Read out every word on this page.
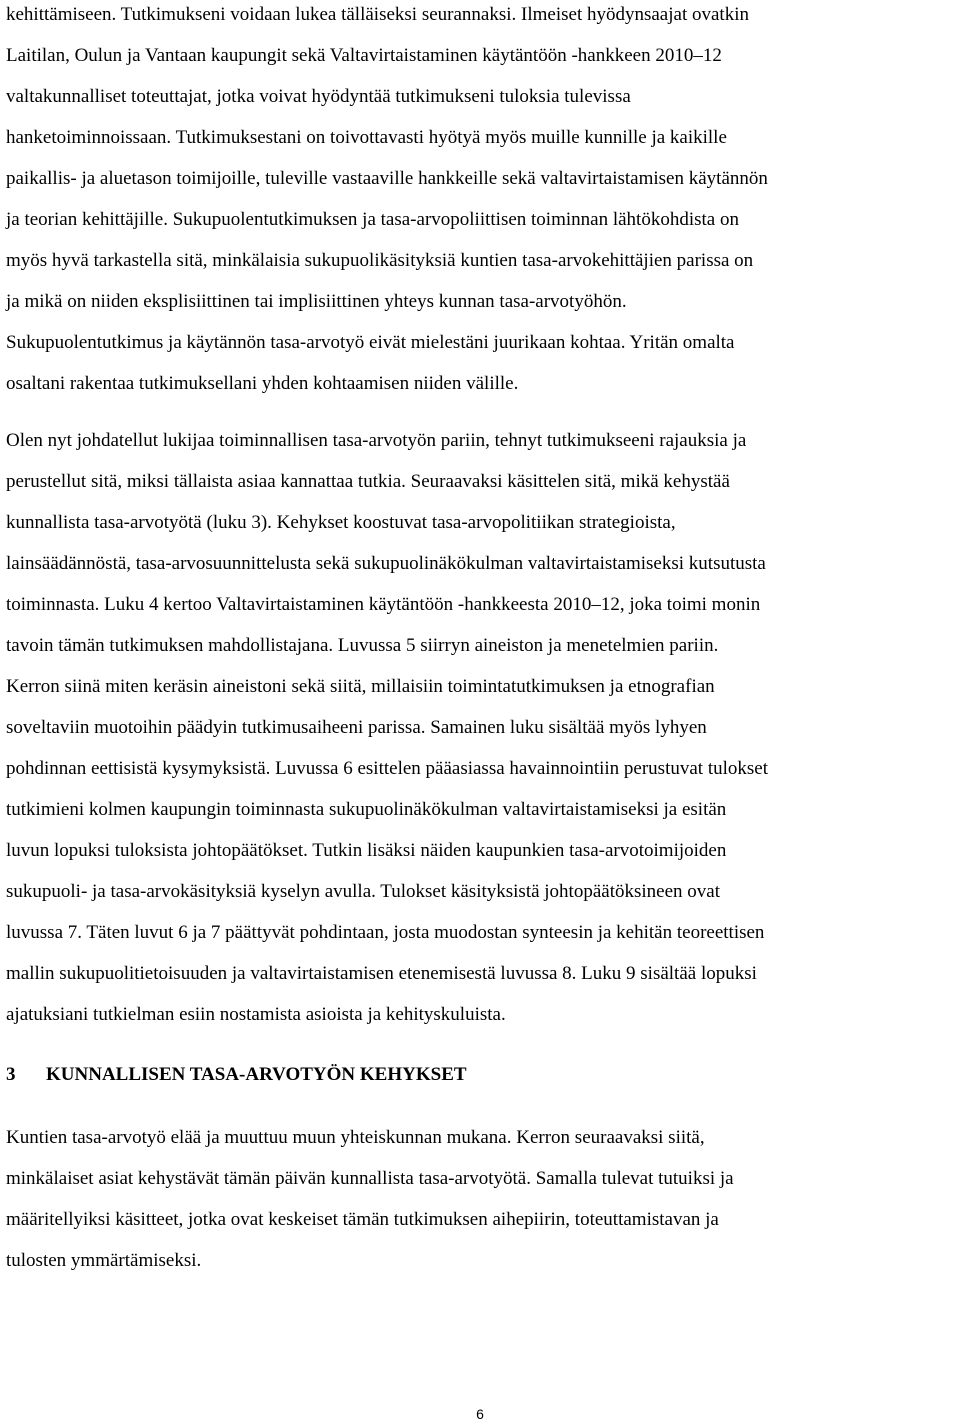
kehittämiseen. Tutkimukseni voidaan lukea tälläiseksi seurannaksi. Ilmeiset hyödynsaajat ovatkin
Laitilan, Oulun ja Vantaan kaupungit sekä Valtavirtaistaminen käytäntöön -hankkeen 2010–12
valtakunnalliset toteuttajat, jotka voivat hyödyntää tutkimukseni tuloksia tulevissa
hanketoiminnoissaan. Tutkimuksestani on toivottavasti hyötyä myös muille kunnille ja kaikille
paikallis- ja aluetason toimijoille, tuleville vastaaville hankkeille sekä valtavirtaistamisen käytännön
ja teorian kehittäjille. Sukupuolentutkimuksen ja tasa-arvopoliittisen toiminnan lähtökohdista on
myös hyvä tarkastella sitä, minkälaisia sukupuolikäsityksiä kuntien tasa-arvokehittäjien parissa on
ja mikä on niiden eksplisiittinen tai implisiittinen yhteys kunnan tasa-arvotyöhön.
Sukupuolentutkimus ja käytännön tasa-arvotyö eivät mielestäni juurikaan kohtaa. Yritän omalta
osaltani rakentaa tutkimuksellani yhden kohtaamisen niiden välille.

Olen nyt johdatellut lukijaa toiminnallisen tasa-arvotyön pariin, tehnyt tutkimukseeni rajauksia ja
perustellut sitä, miksi tällaista asiaa kannattaa tutkia. Seuraavaksi käsittelen sitä, mikä kehystää
kunnallista tasa-arvotyötä (luku 3). Kehykset koostuvat tasa-arvopolitiikan strategioista,
lainsäädännöstä, tasa-arvosuunnittelusta sekä sukupuolinäkökulman valtavirtaistamiseksi kutsutusta
toiminnasta. Luku 4 kertoo Valtavirtaistaminen käytäntöön -hankkeesta 2010–12, joka toimi monin
tavoin tämän tutkimuksen mahdollistajana. Luvussa 5 siirryn aineiston ja menetelmien pariin.
Kerron siinä miten keräsin aineistoni sekä siitä, millaisiin toimintatutkimuksen ja etnografian
soveltaviin muotoihin päädyin tutkimusaiheeni parissa. Samainen luku sisältää myös lyhyen
pohdinnan eettisistä kysymyksistä. Luvussa 6 esittelen pääasiassa havainnointiin perustuvat tulokset
tutkimieni kolmen kaupungin toiminnasta sukupuolinäkökulman valtavirtaistamiseksi ja esitän
luvun lopuksi tuloksista johtopäätökset. Tutkin lisäksi näiden kaupunkien tasa-arvotoimijoiden
sukupuoli- ja tasa-arvokäsityksiä kyselyn avulla. Tulokset käsityksistä johtopäätöksineen ovat
luvussa 7. Täten luvut 6 ja 7 päättyvät pohdintaan, josta muodostan synteesin ja kehitän teoreettisen
mallin sukupuolitietoisuuden ja valtavirtaistamisen etenemisestä luvussa 8. Luku 9 sisältää lopuksi
ajatuksiani tutkielman esiin nostamista asioista ja kehityskuluista.

3 KUNNALLISEN TASA-ARVOTYÖN KEHYKSET

Kuntien tasa-arvotyö elää ja muuttuu muun yhteiskunnan mukana. Kerron seuraavaksi siitä,
minkälaiset asiat kehystävät tämän päivän kunnallista tasa-arvotyötä. Samalla tulevat tutuiksi ja
määritellyiksi käsitteet, jotka ovat keskeiset tämän tutkimuksen aihepiirin, toteuttamistavan ja
tulosten ymmärtämiseksi.

6
